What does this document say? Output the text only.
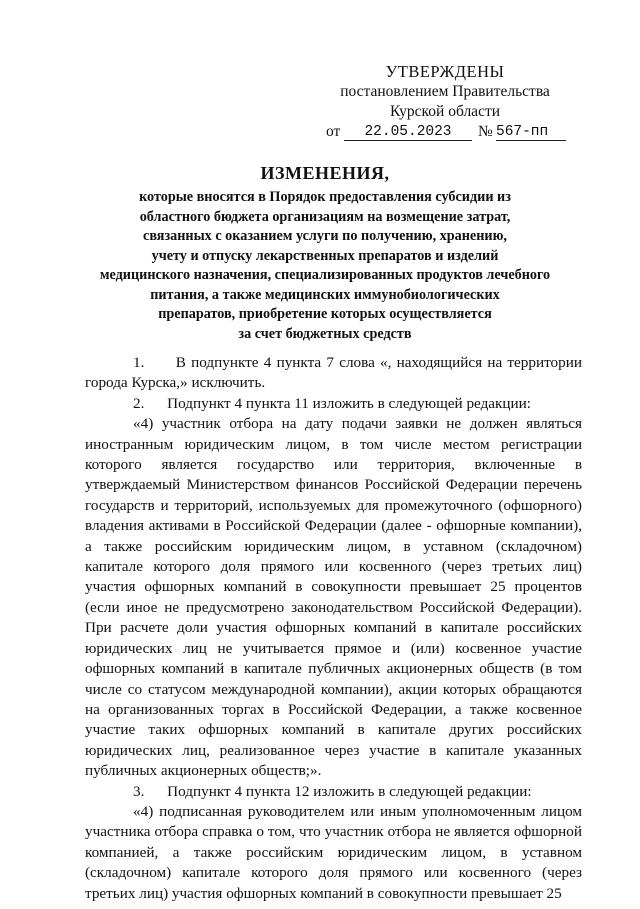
УТВЕРЖДЕНЫ
постановлением Правительства
Курской области
от	22.05.2023	№ 567-пп
ИЗМЕНЕНИЯ,
которые вносятся в Порядок предоставления субсидии из
областного бюджета организациям на возмещение затрат,
связанных с оказанием услуги по получению, хранению,
учету и отпуску лекарственных препаратов и изделий
медицинского назначения, специализированных продуктов лечебного
питания, а также медицинских иммунобиологических
препаратов, приобретение которых осуществляется
за счет бюджетных средств

1.      В подпункте 4 пункта 7 слова «, находящийся на территории города Курска,» исключить.

2.      Подпункт 4 пункта 11 изложить в следующей редакции:

«4) участник отбора на дату подачи заявки не должен являться иностранным юридическим лицом, в том числе местом регистрации которого является государство или территория, включенные в утверждаемый Министерством финансов Российской Федерации перечень государств и территорий, используемых для промежуточного (офшорного) владения активами в Российской Федерации (далее - офшорные компании), а также российским юридическим лицом, в уставном (складочном) капитале которого доля прямого или косвенного (через третьих лиц) участия офшорных компаний в совокупности превышает 25 процентов (если иное не предусмотрено законодательством Российской Федерации). При расчете доли участия офшорных компаний в капитале российских юридических лиц не учитывается прямое и (или) косвенное участие офшорных компаний в капитале публичных акционерных обществ (в том числе со статусом международной компании), акции которых обращаются на организованных торгах в Российской Федерации, а также косвенное участие таких офшорных компаний в капитале других российских юридических лиц, реализованное через участие в капитале указанных публичных акционерных обществ;».

3.      Подпункт 4 пункта 12 изложить в следующей редакции:

«4) подписанная руководителем или иным уполномоченным лицом участника отбора справка о том, что участник отбора не является офшорной компанией, а также российским юридическим лицом, в уставном (складочном) капитале которого доля прямого или косвенного (через третьих лиц) участия офшорных компаний в совокупности превышает 25
